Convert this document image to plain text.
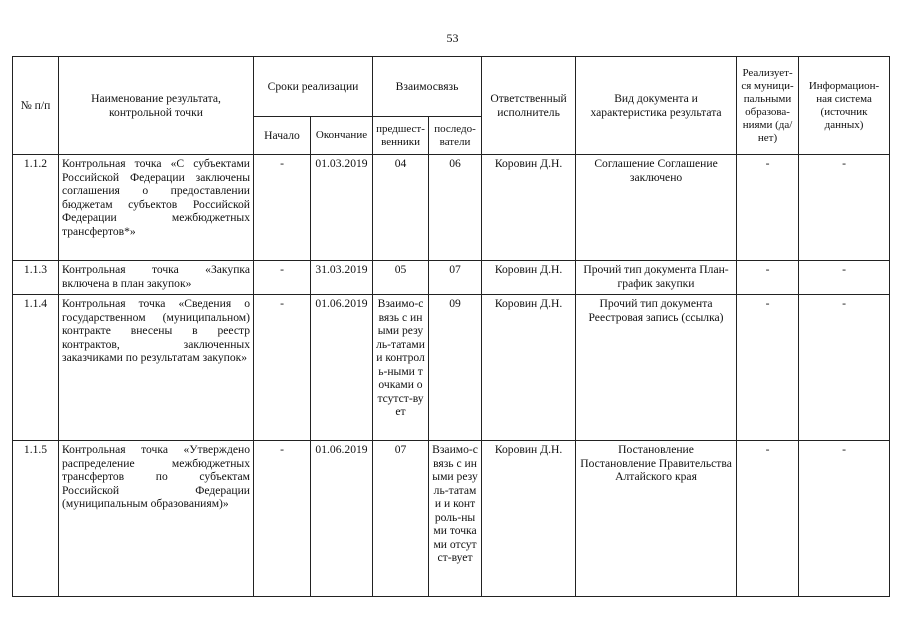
53
№ п/п	Наименование результата, контрольной точки	Сроки реализации		Взаимосвязь		Ответственный исполнитель	Вид документа и характеристика результата	Реализует-ся муници-пальными образова-ниями (да/нет)	Информацион-ная система (источник данных)
		Начало	Окончание	предшест-венники	последо-ватели				
1.1.2	Контрольная точка «С субъектами Российской Федерации заключены соглашения о предоставлении бюджетам субъектов Российской Федерации межбюджетных трансфертов*»	-	01.03.2019	04	06	Коровин Д.Н.	Соглашение Соглашение заключено	-	-
1.1.3	Контрольная точка «Закупка включена в план закупок»	-	31.03.2019	05	07	Коровин Д.Н.	Прочий тип документа План-график закупки	-	-
1.1.4	Контрольная точка «Сведения о государственном (муниципальном) контракте внесены в реестр контрактов, заключенных заказчиками по результатам закупок»	-	01.06.2019	Взаимо-связь с иными резуль-татами и контроль-ными точками отсутст-вует	09	Коровин Д.Н.	Прочий тип документа Реестровая запись (ссылка)	-	-
1.1.5	Контрольная точка «Утверждено распределение межбюджетных трансфертов по субъектам Российской Федерации (муниципальным образованиям)»	-	01.06.2019	07	Взаимо-связь с иными резуль-татами и контроль-ными точками отсутст-вует	Коровин Д.Н.	Постановление Постановление Правительства Алтайского края	-	-
